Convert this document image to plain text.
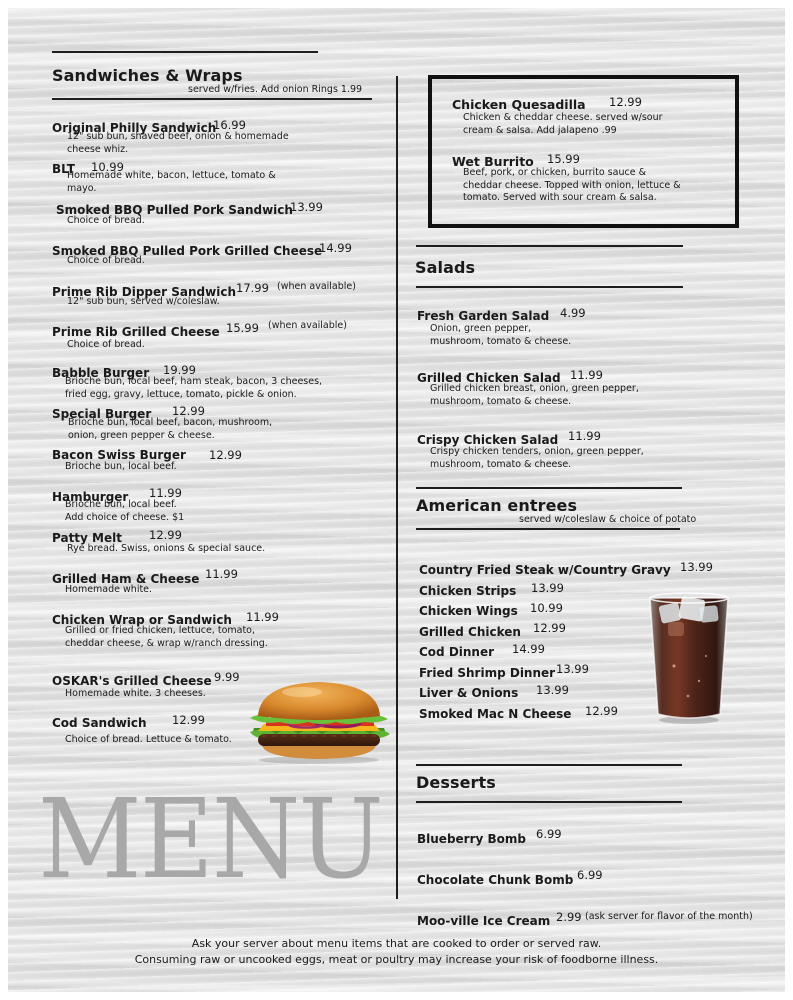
Sandwiches & Wraps
served w/fries. Add onion Rings 1.99
Original Philly Sandwich
16.99
12" sub bun, shaved beef, onion & homemade
cheese whiz.
BLT 10.99
Homemade white, bacon, lettuce, tomato &
mayo.
Smoked BBQ Pulled Pork Sandwich
13.99
Choice of bread.
Smoked BBQ Pulled Pork Grilled Cheese
14.99
Choice of bread.
Prime Rib Dipper Sandwich 17.99 (when available)
12" sub bun, served w/coleslaw.
Prime Rib Grilled Cheese 15.99 (when available)
Choice of bread.
Babble Burger 19.99
Brioche bun, local beef, ham steak, bacon, 3 cheeses,
fried egg, gravy, lettuce, tomato, pickle & onion.
Special Burger 12.99
Brioche bun, local beef, bacon, mushroom,
onion, green pepper & cheese.
Bacon Swiss Burger 12.99
Brioche bun, local beef.
Hamburger 11.99
Brioche bun, local beef.
Add choice of cheese. $1
Patty Melt 12.99
Rye bread. Swiss, onions & special sauce.
Grilled Ham & Cheese 11.99
Homemade white.
Chicken Wrap or Sandwich 11.99
Grilled or fried chicken, lettuce, tomato,
cheddar cheese, & wrap w/ranch dressing.
OSKAR's Grilled Cheese 9.99
Homemade white. 3 cheeses.
Cod Sandwich 12.99
Choice of bread. Lettuce & tomato.
MENU
Chicken Quesadilla 12.99
Chicken & cheddar cheese. served w/sour
cream & salsa. Add jalapeno .99
Wet Burrito 15.99
Beef, pork, or chicken, burrito sauce &
cheddar cheese. Topped with onion, lettuce &
tomato. Served with sour cream & salsa.
Salads
Fresh Garden Salad 4.99
Onion, green pepper,
mushroom, tomato & cheese.
Grilled Chicken Salad 11.99
Grilled chicken breast, onion, green pepper,
mushroom, tomato & cheese.
Crispy Chicken Salad 11.99
Crispy chicken tenders, onion, green pepper,
mushroom, tomato & cheese.
American entrees
served w/coleslaw & choice of potato
Country Fried Steak w/Country Gravy 13.99
Chicken Strips 13.99
Chicken Wings 10.99
Grilled Chicken 12.99
Cod Dinner 14.99
Fried Shrimp Dinner 13.99
Liver & Onions 13.99
Smoked Mac N Cheese 12.99
Desserts
Blueberry Bomb 6.99
Chocolate Chunk Bomb 6.99
Moo-ville Ice Cream 2.99 (ask server for flavor of the month)
Ask your server about menu items that are cooked to order or served raw.
Consuming raw or uncooked eggs, meat or poultry may increase your risk of foodborne illness.
